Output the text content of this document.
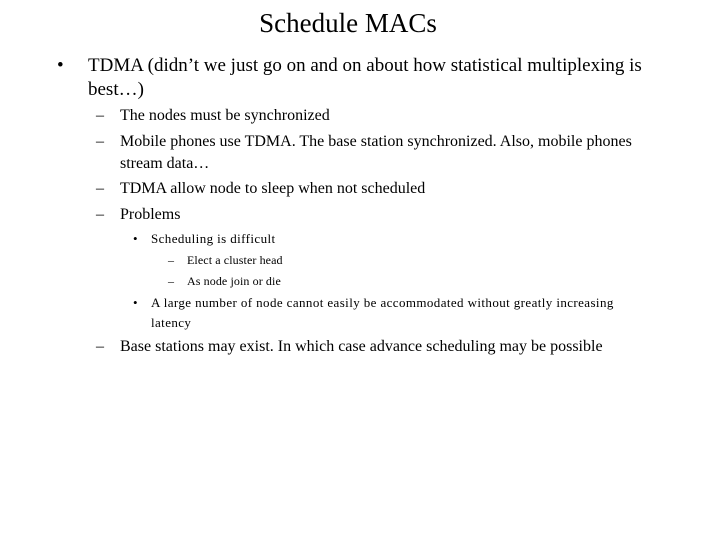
Schedule MACs
•	TDMA (didn’t we just go on and on about how statistical multiplexing is best…)
–	The nodes must be synchronized
–	Mobile phones use TDMA. The base station synchronized. Also, mobile phones stream data…
–	TDMA allow node to sleep when not scheduled
–	Problems
•	Scheduling is difficult
–	Elect a cluster head
–	As node join or die
•	A large number of node cannot easily be accommodated without greatly increasing latency
–	Base stations may exist. In which case advance scheduling may be possible
